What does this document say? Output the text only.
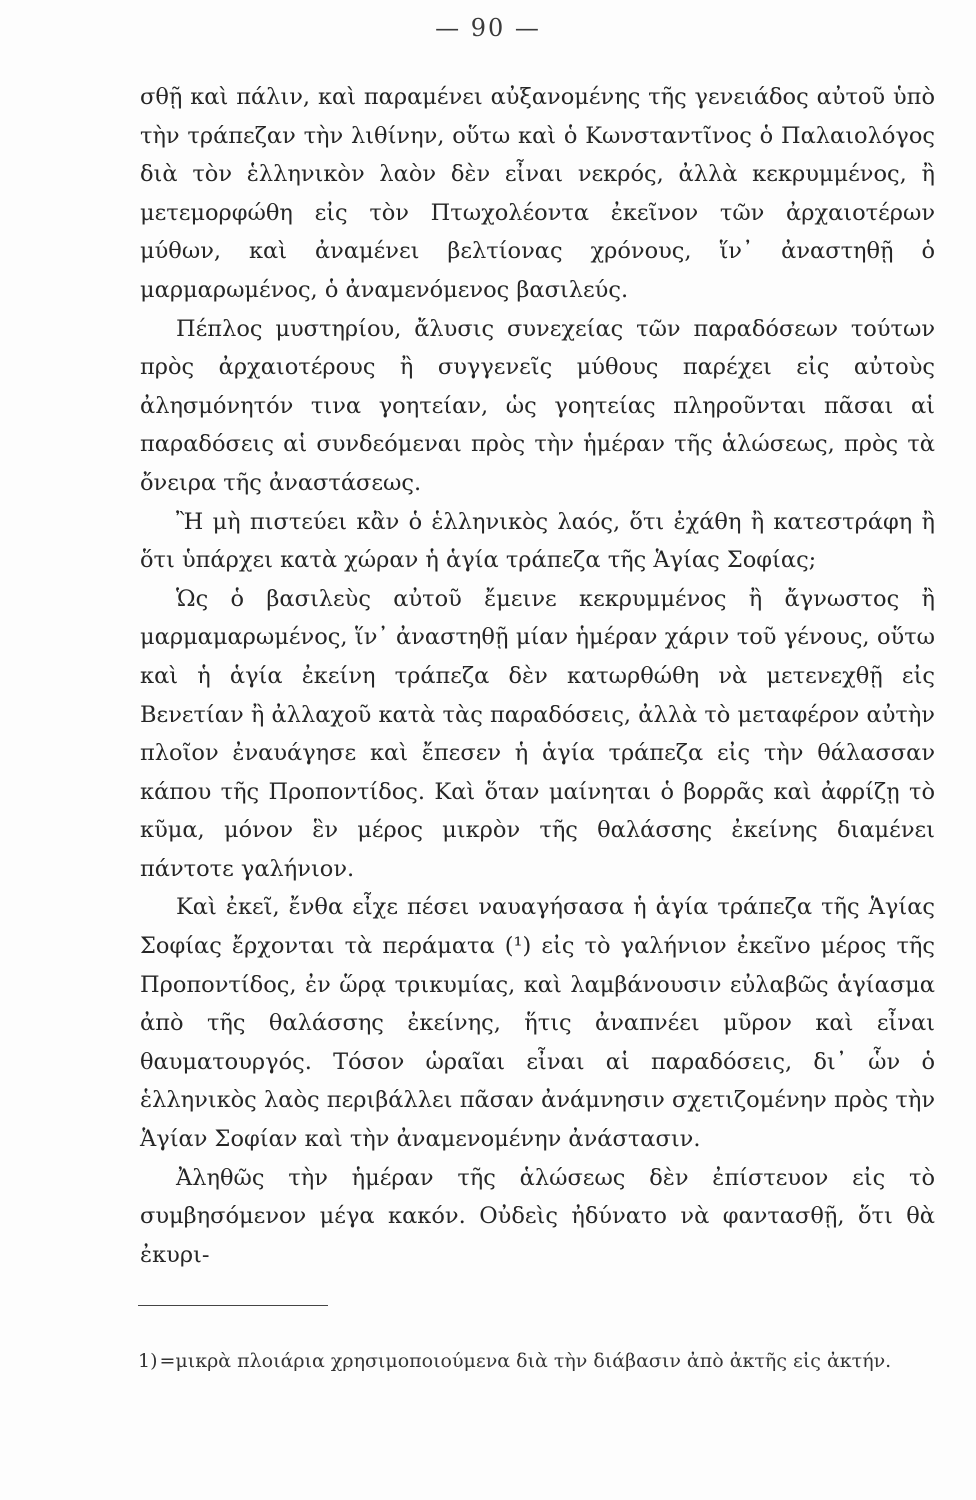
— 90 —

σθῇ καὶ πάλιν, καὶ παραμένει αὐξανομένης τῆς γενειάδος αὐτοῦ ὑπὸ τὴν τράπεζαν τὴν λιθίνην, οὕτω καὶ ὁ Κωνσταντῖνος ὁ Παλαιολόγος διὰ τὸν ἑλληνικὸν λαὸν δὲν εἶναι νεκρός, ἀλλὰ κεκρυμμένος, ἢ μετεμορφώθη εἰς τὸν Πτωχολέοντα ἐκεῖνον τῶν ἀρχαιοτέρων μύθων, καὶ ἀναμένει βελτίονας χρόνους, ἵν᾽ ἀναστηθῇ ὁ μαρμαρωμένος, ὁ ἀναμενόμενος βασιλεύς.

Πέπλος μυστηρίου, ἄλυσις συνεχείας τῶν παραδόσεων τούτων πρὸς ἀρχαιοτέρους ἢ συγγενεῖς μύθους παρέχει εἰς αὐτοὺς ἀλησμόνητόν τινα γοητείαν, ὡς γοητείας πληροῦνται πᾶσαι αἱ παραδόσεις αἱ συνδεόμεναι πρὸς τὴν ἡμέραν τῆς ἁλώσεως, πρὸς τὰ ὄνειρα τῆς ἀναστάσεως.

Ἢ μὴ πιστεύει κἂν ὁ ἑλληνικὸς λαός, ὅτι ἐχάθη ἢ κατεστράφη ἢ ὅτι ὑπάρχει κατὰ χώραν ἡ ἁγία τράπεζα τῆς Ἁγίας Σοφίας;

Ὡς ὁ βασιλεὺς αὐτοῦ ἔμεινε κεκρυμμένος ἢ ἄγνωστος ἢ μαρμαμαρωμένος, ἵν᾽ ἀναστηθῇ μίαν ἡμέραν χάριν τοῦ γένους, οὕτω καὶ ἡ ἁγία ἐκείνη τράπεζα δὲν κατωρθώθη νὰ μετενεχθῇ εἰς Βενετίαν ἢ ἀλλαχοῦ κατὰ τὰς παραδόσεις, ἀλλὰ τὸ μεταφέρον αὐτὴν πλοῖον ἐναυάγησε καὶ ἔπεσεν ἡ ἁγία τράπεζα εἰς τὴν θάλασσαν κάπου τῆς Προποντίδος. Καὶ ὅταν μαίνηται ὁ βορρᾶς καὶ ἀφρίζῃ τὸ κῦμα, μόνον ἓν μέρος μικρὸν τῆς θαλάσσης ἐκείνης διαμένει πάντοτε γαλήνιον.

Καὶ ἐκεῖ, ἔνθα εἶχε πέσει ναυαγήσασα ἡ ἁγία τράπεζα τῆς Ἁγίας Σοφίας ἔρχονται τὰ περάματα (¹) εἰς τὸ γαλήνιον ἐκεῖνο μέρος τῆς Προποντίδος, ἐν ὥρᾳ τρικυμίας, καὶ λαμβάνουσιν εὐλαβῶς ἁγίασμα ἀπὸ τῆς θαλάσσης ἐκείνης, ἥτις ἀναπνέει μῦρον καὶ εἶναι θαυματουργός. Τόσον ὡραῖαι εἶναι αἱ παραδόσεις, δι᾽ ὧν ὁ ἑλληνικὸς λαὸς περιβάλλει πᾶσαν ἀνάμνησιν σχετιζομένην πρὸς τὴν Ἁγίαν Σοφίαν καὶ τὴν ἀναμενομένην ἀνάστασιν.

Ἀληθῶς τὴν ἡμέραν τῆς ἁλώσεως δὲν ἐπίστευον εἰς τὸ συμβησόμενον μέγα κακόν. Οὐδεὶς ἠδύνατο νὰ φαντασθῇ, ὅτι θὰ ἐκυρι-

1) =μικρὰ πλοιάρια χρησιμοποιούμενα διὰ τὴν διάβασιν ἀπὸ ἀκτῆς εἰς ἀκτήν.
